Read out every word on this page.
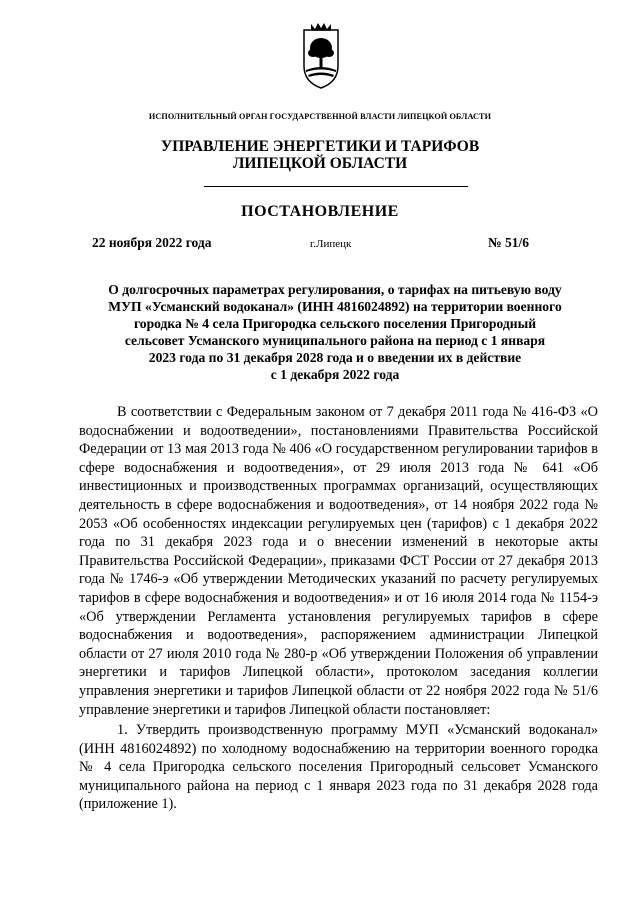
ИСПОЛНИТЕЛЬНЫЙ ОРГАН ГОСУДАРСТВЕННОЙ ВЛАСТИ ЛИПЕЦКОЙ ОБЛАСТИ
УПРАВЛЕНИЕ ЭНЕРГЕТИКИ И ТАРИФОВ
ЛИПЕЦКОЙ ОБЛАСТИ
ПОСТАНОВЛЕНИЕ
22 ноября 2022 года	г.Липецк	№ 51/6
О долгосрочных параметрах регулирования, о тарифах на питьевую воду
МУП «Усманский водоканал» (ИНН 4816024892) на территории военного
городка № 4 села Пригородка сельского поселения Пригородный
сельсовет Усманского муниципального района на период с 1 января
2023 года по 31 декабря 2028 года и о введении их в действие
с 1 декабря 2022 года

В соответствии с Федеральным законом от 7 декабря 2011 года № 416-ФЗ «О водоснабжении и водоотведении», постановлениями Правительства Российской Федерации от 13 мая 2013 года № 406 «О государственном регулировании тарифов в сфере водоснабжения и водоотведения», от 29 июля 2013 года № 641 «Об инвестиционных и производственных программах организаций, осуществляющих деятельность в сфере водоснабжения и водоотведения», от 14 ноября 2022 года № 2053 «Об особенностях индексации регулируемых цен (тарифов) с 1 декабря 2022 года по 31 декабря 2023 года и о внесении изменений в некоторые акты Правительства Российской Федерации», приказами ФСТ России от 27 декабря 2013 года № 1746-э «Об утверждении Методических указаний по расчету регулируемых тарифов в сфере водоснабжения и водоотведения» и от 16 июля 2014 года № 1154-э «Об утверждении Регламента установления регулируемых тарифов в сфере водоснабжения и водоотведения», распоряжением администрации Липецкой области от 27 июля 2010 года № 280-р «Об утверждении Положения об управлении энергетики и тарифов Липецкой области», протоколом заседания коллегии управления энергетики и тарифов Липецкой области от 22 ноября 2022 года № 51/6 управление энергетики и тарифов Липецкой области постановляет:

1. Утвердить производственную программу МУП «Усманский водоканал» (ИНН 4816024892) по холодному водоснабжению на территории военного городка № 4 села Пригородка сельского поселения Пригородный сельсовет Усманского муниципального района на период с 1 января 2023 года по 31 декабря 2028 года (приложение 1).
